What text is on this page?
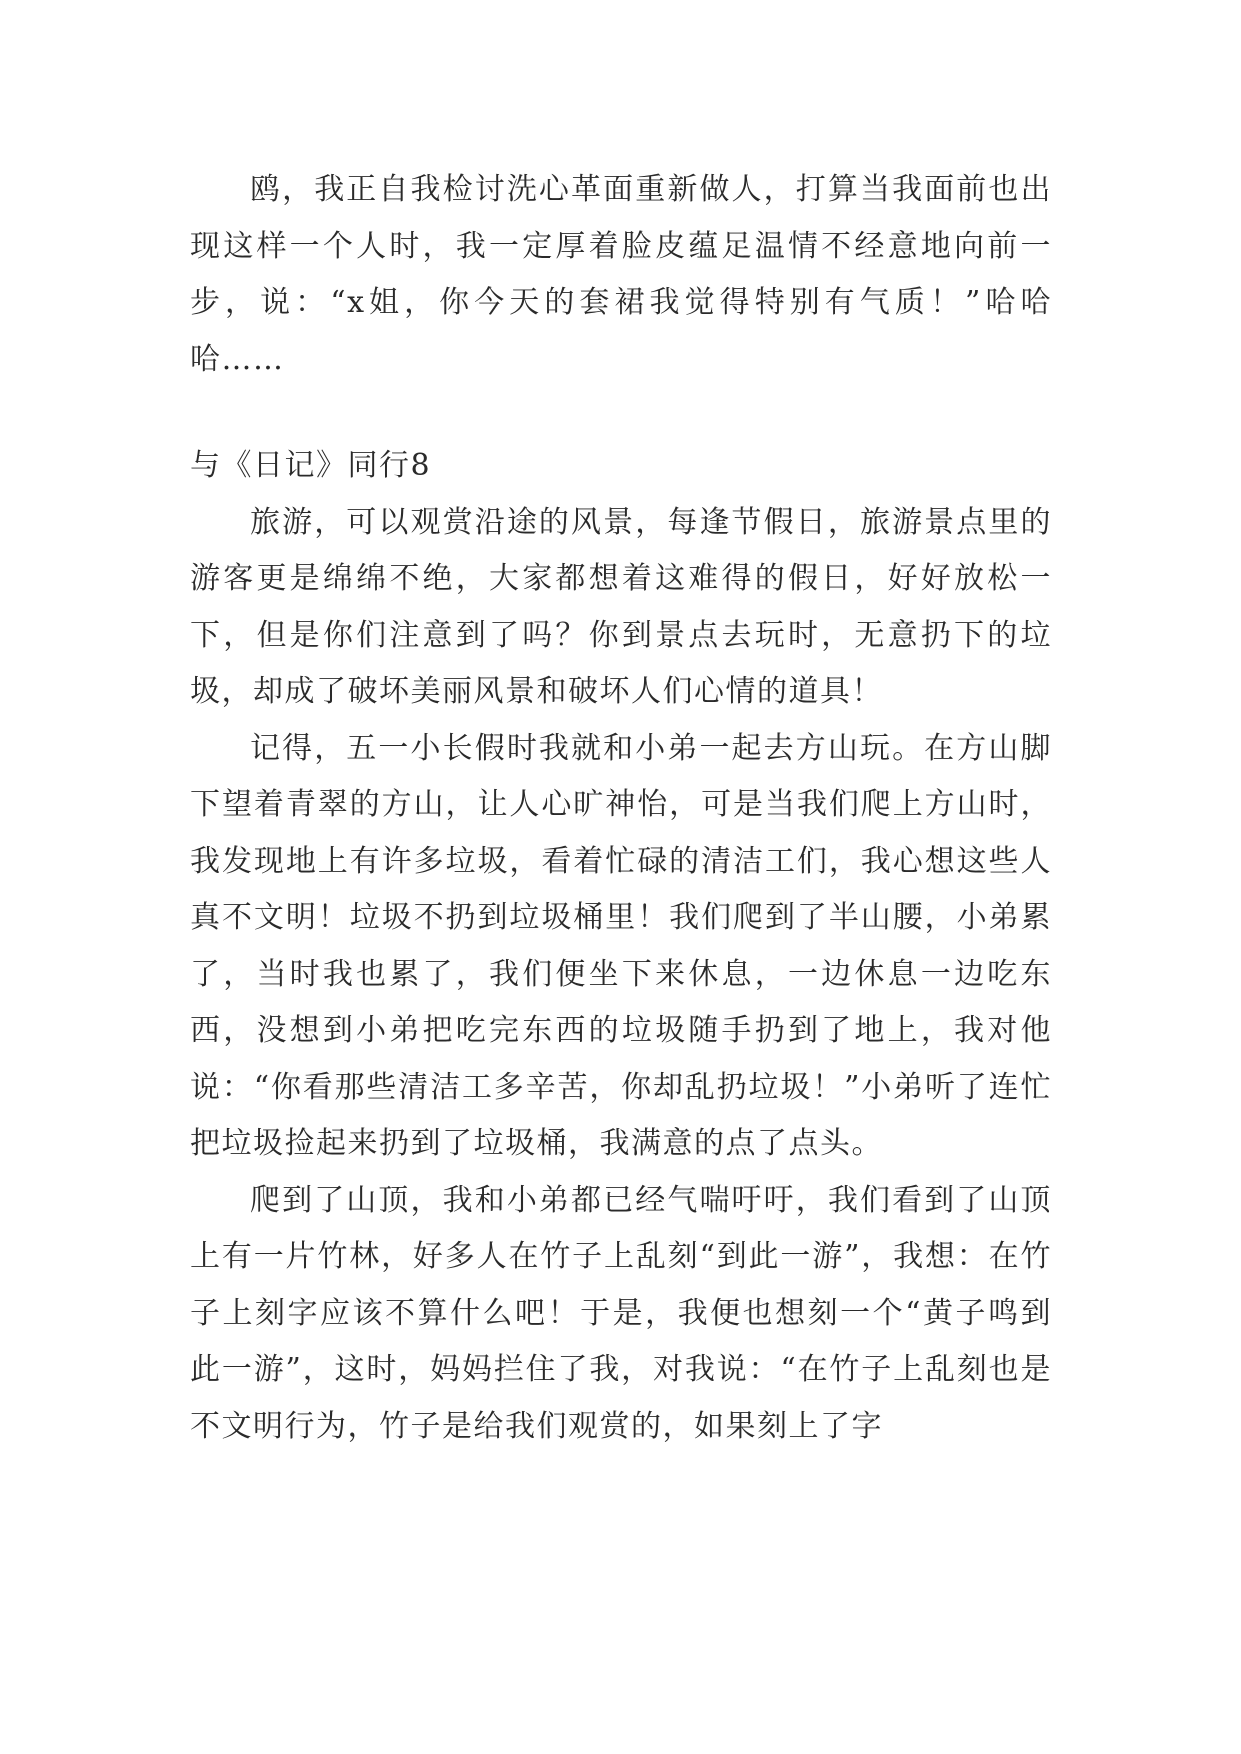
鸥，我正自我检讨洗心革面重新做人，打算当我面前也出现这样一个人时，我一定厚着脸皮蕴足温情不经意地向前一步，说：“x姐，你今天的套裙我觉得特别有气质！”哈哈哈……

与《日记》同行8

旅游，可以观赏沿途的风景，每逢节假日，旅游景点里的游客更是绵绵不绝，大家都想着这难得的假日，好好放松一下，但是你们注意到了吗？你到景点去玩时，无意扔下的垃圾，却成了破坏美丽风景和破坏人们心情的道具！

记得，五一小长假时我就和小弟一起去方山玩。在方山脚下望着青翠的方山，让人心旷神怡，可是当我们爬上方山时，我发现地上有许多垃圾，看着忙碌的清洁工们，我心想这些人真不文明！垃圾不扔到垃圾桶里！我们爬到了半山腰，小弟累了，当时我也累了，我们便坐下来休息，一边休息一边吃东西，没想到小弟把吃完东西的垃圾随手扔到了地上，我对他说：“你看那些清洁工多辛苦，你却乱扔垃圾！”小弟听了连忙把垃圾捡起来扔到了垃圾桶，我满意的点了点头。

爬到了山顶，我和小弟都已经气喘吁吁，我们看到了山顶上有一片竹林，好多人在竹子上乱刻“到此一游”，我想：在竹子上刻字应该不算什么吧！于是，我便也想刻一个“黄子鸣到此一游”，这时，妈妈拦住了我，对我说：“在竹子上乱刻也是不文明行为，竹子是给我们观赏的，如果刻上了字
